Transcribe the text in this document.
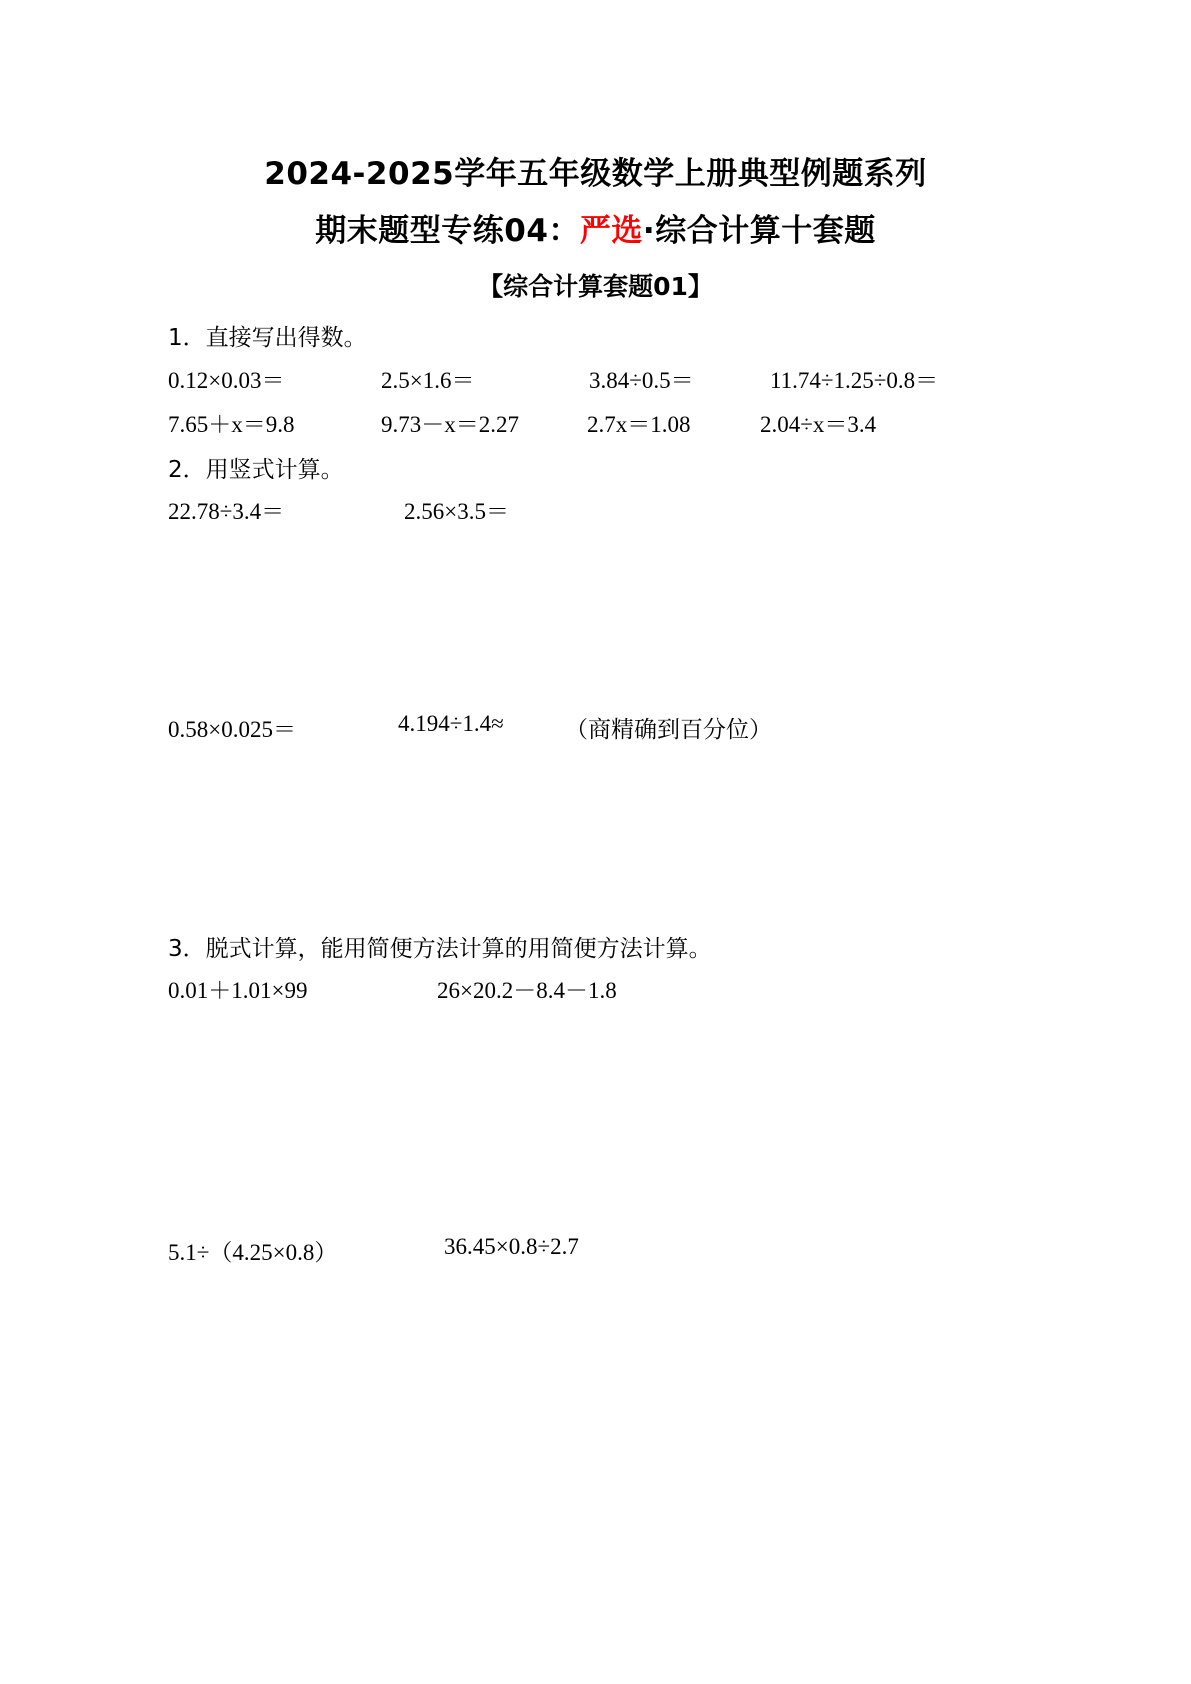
2024-2025学年五年级数学上册典型例题系列
期末题型专练04：严选·综合计算十套题
【综合计算套题01】
1．直接写出得数。
0.12×0.03＝	2.5×1.6＝	3.84÷0.5＝	11.74÷1.25÷0.8＝
7.65＋x＝9.8	9.73－x＝2.27	2.7x＝1.08	2.04÷x＝3.4
2．用竖式计算。
22.78÷3.4＝	2.56×3.5＝
0.58×0.025＝	4.194÷1.4≈	（商精确到百分位）
3．脱式计算，能用简便方法计算的用简便方法计算。
0.01＋1.01×99	26×20.2－8.4－1.8
5.1÷（4.25×0.8）	36.45×0.8÷2.7
